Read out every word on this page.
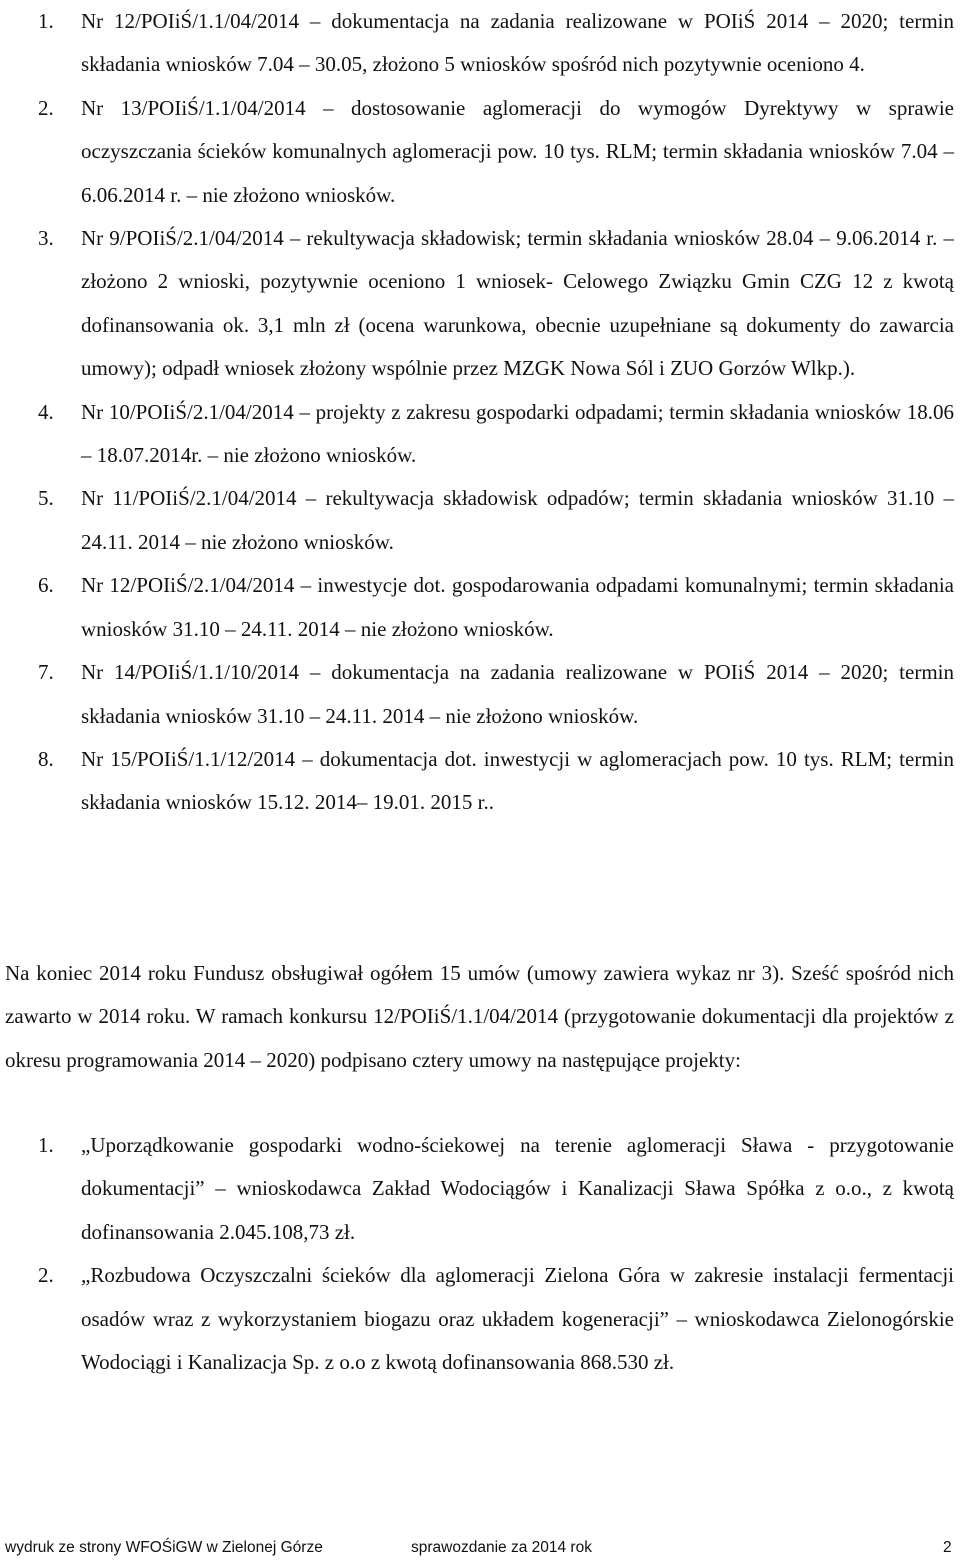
1. Nr 12/POIiŚ/1.1/04/2014 – dokumentacja na zadania realizowane w POIiŚ 2014 – 2020; termin składania wniosków 7.04 – 30.05, złożono 5 wniosków spośród nich pozytywnie oceniono 4.
2. Nr 13/POIiŚ/1.1/04/2014 – dostosowanie aglomeracji do wymogów Dyrektywy w sprawie oczyszczania ścieków komunalnych aglomeracji pow. 10 tys. RLM; termin składania wniosków 7.04 – 6.06.2014 r. – nie złożono wniosków.
3. Nr 9/POIiŚ/2.1/04/2014 – rekultywacja składowisk; termin składania wniosków 28.04 – 9.06.2014 r. – złożono 2 wnioski, pozytywnie oceniono 1 wniosek- Celowego Związku Gmin CZG 12 z kwotą dofinansowania ok. 3,1 mln zł (ocena warunkowa, obecnie uzupełniane są dokumenty do zawarcia umowy); odpadł wniosek złożony wspólnie przez MZGK Nowa Sól i ZUO Gorzów Wlkp.).
4. Nr 10/POIiŚ/2.1/04/2014 – projekty z zakresu gospodarki odpadami; termin składania wniosków 18.06 – 18.07.2014r. – nie złożono wniosków.
5. Nr 11/POIiŚ/2.1/04/2014 – rekultywacja składowisk odpadów; termin składania wniosków 31.10 – 24.11. 2014 – nie złożono wniosków.
6. Nr 12/POIiŚ/2.1/04/2014 – inwestycje dot. gospodarowania odpadami komunalnymi; termin składania wniosków 31.10 – 24.11. 2014 – nie złożono wniosków.
7. Nr 14/POIiŚ/1.1/10/2014 – dokumentacja na zadania realizowane w POIiŚ 2014 – 2020; termin składania wniosków 31.10 – 24.11. 2014 – nie złożono wniosków.
8. Nr 15/POIiŚ/1.1/12/2014 – dokumentacja dot. inwestycji w aglomeracjach pow. 10 tys. RLM; termin składania wniosków 15.12. 2014– 19.01. 2015 r..

Na koniec 2014 roku Fundusz obsługiwał ogółem 15 umów (umowy zawiera wykaz nr 3). Sześć spośród nich zawarto w 2014 roku. W ramach konkursu 12/POIiŚ/1.1/04/2014 (przygotowanie dokumentacji dla projektów z okresu programowania 2014 – 2020) podpisano cztery umowy na następujące projekty:

1. „Uporządkowanie gospodarki wodno-ściekowej na terenie aglomeracji Sława - przygotowanie dokumentacji” – wnioskodawca Zakład Wodociągów i Kanalizacji Sława Spółka z o.o., z kwotą dofinansowania 2.045.108,73 zł.
2. „Rozbudowa Oczyszczalni ścieków dla aglomeracji Zielona Góra w zakresie instalacji fermentacji osadów wraz z wykorzystaniem biogazu oraz układem kogeneracji” – wnioskodawca Zielonogórskie Wodociągi i Kanalizacja Sp. z o.o z kwotą dofinansowania 868.530 zł.
wydruk ze strony WFOŚiGW w Zielonej Górze	sprawozdanie za 2014 rok	2
